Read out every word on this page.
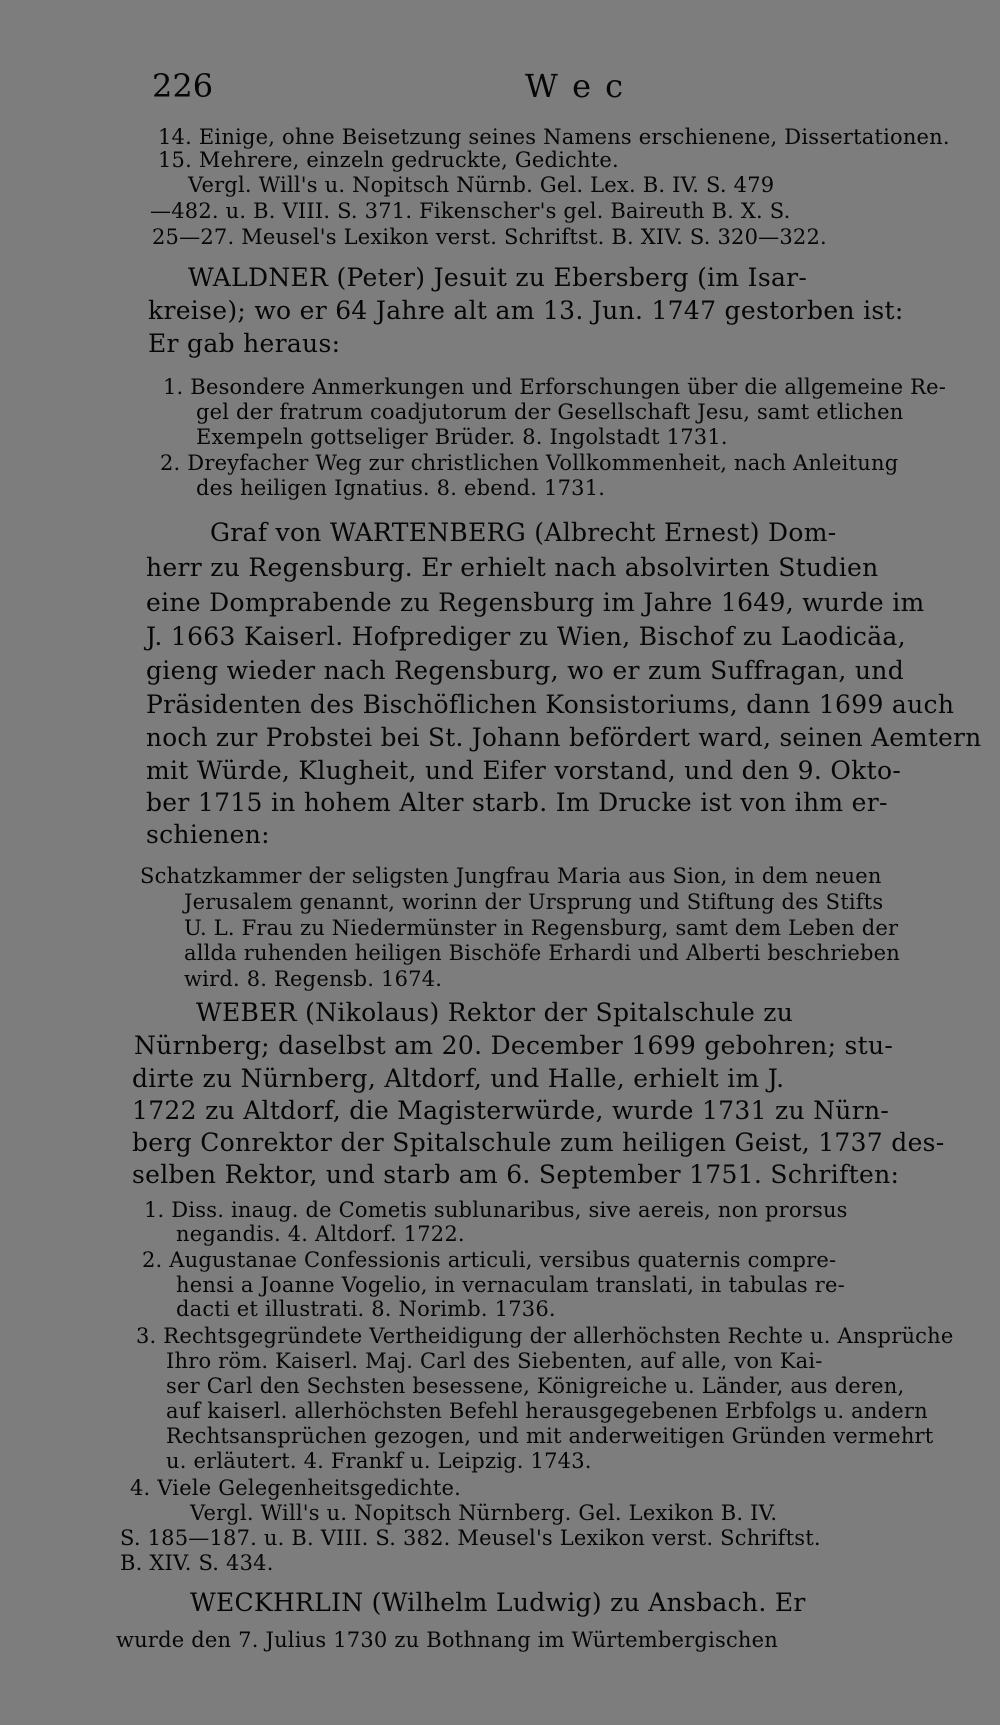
226	W e c
14. Einige, ohne Beisetzung seines Namens erschienene, Dissertationen.
15. Mehrere, einzeln gedruckte, Gedichte.
Vergl. Will's u. Nopitsch Nürnb. Gel. Lex. B. IV. S. 479
—482. u. B. VIII. S. 371. Fikenscher's gel. Baireuth B. X. S.
25—27. Meusel's Lexikon verst. Schriftst. B. XIV. S. 320—322.
WALDNER (Peter) Jesuit zu Ebersberg (im Isar-
kreise); wo er 64 Jahre alt am 13. Jun. 1747 gestorben ist:
Er gab heraus:
1. Besondere Anmerkungen und Erforschungen über die allgemeine Re-
gel der fratrum coadjutorum der Gesellschaft Jesu, samt etlichen
Exempeln gottseliger Brüder. 8. Ingolstadt 1731.
2. Dreyfacher Weg zur christlichen Vollkommenheit, nach Anleitung
des heiligen Ignatius. 8. ebend. 1731.
Graf von WARTENBERG (Albrecht Ernest) Dom-
herr zu Regensburg. Er erhielt nach absolvirten Studien
eine Domprabende zu Regensburg im Jahre 1649, wurde im
J. 1663 Kaiserl. Hofprediger zu Wien, Bischof zu Laodicäa,
gieng wieder nach Regensburg, wo er zum Suffragan, und
Präsidenten des Bischöflichen Konsistoriums, dann 1699 auch
noch zur Probstei bei St. Johann befördert ward, seinen Aemtern
mit Würde, Klugheit, und Eifer vorstand, und den 9. Okto-
ber 1715 in hohem Alter starb. Im Drucke ist von ihm er-
schienen:
Schatzkammer der seligsten Jungfrau Maria aus Sion, in dem neuen
Jerusalem genannt, worinn der Ursprung und Stiftung des Stifts
U. L. Frau zu Niedermünster in Regensburg, samt dem Leben der
allda ruhenden heiligen Bischöfe Erhardi und Alberti beschrieben
wird. 8. Regensb. 1674.
WEBER (Nikolaus) Rektor der Spitalschule zu
Nürnberg; daselbst am 20. December 1699 gebohren; stu-
dirte zu Nürnberg, Altdorf, und Halle, erhielt im J.
1722 zu Altdorf, die Magisterwürde, wurde 1731 zu Nürn-
berg Conrektor der Spitalschule zum heiligen Geist, 1737 des-
selben Rektor, und starb am 6. September 1751. Schriften:
1. Diss. inaug. de Cometis sublunaribus, sive aereis, non prorsus
negandis. 4. Altdorf. 1722.
2. Augustanae Confessionis articuli, versibus quaternis compre-
hensi a Joanne Vogelio, in vernaculam translati, in tabulas re-
dacti et illustrati. 8. Norimb. 1736.
3. Rechtsgegründete Vertheidigung der allerhöchsten Rechte u. Ansprüche
Ihro röm. Kaiserl. Maj. Carl des Siebenten, auf alle, von Kai-
ser Carl den Sechsten besessene, Königreiche u. Länder, aus deren,
auf kaiserl. allerhöchsten Befehl herausgegebenen Erbfolgs u. andern
Rechtsansprüchen gezogen, und mit anderweitigen Gründen vermehrt
u. erläutert. 4. Frankf u. Leipzig. 1743.
4. Viele Gelegenheitsgedichte.
Vergl. Will's u. Nopitsch Nürnberg. Gel. Lexikon B. IV.
S. 185—187. u. B. VIII. S. 382. Meusel's Lexikon verst. Schriftst.
B. XIV. S. 434.
WECKHRLIN (Wilhelm Ludwig) zu Ansbach. Er
wurde den 7. Julius 1730 zu Bothnang im Würtembergischen
